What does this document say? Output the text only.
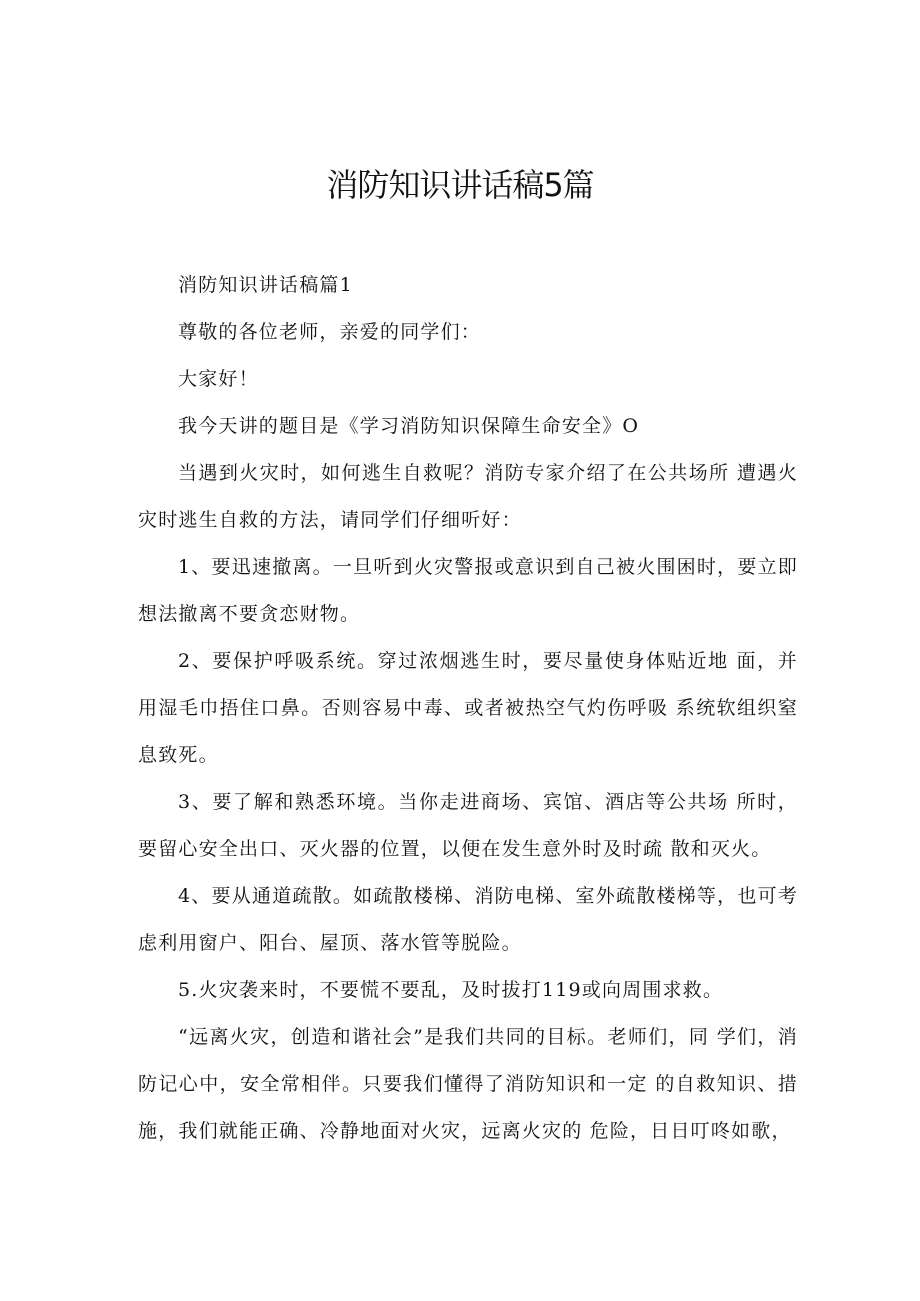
消防知识讲话稿5篇

消防知识讲话稿篇1

尊敬的各位老师，亲爱的同学们：

大家好！

我今天讲的题目是《学习消防知识保障生命安全》O

当遇到火灾时，如何逃生自救呢？消防专家介绍了在公共场所 遭遇火灾时逃生自救的方法，请同学们仔细听好：

1、要迅速撤离。一旦听到火灾警报或意识到自己被火围困时，要立即想法撤离不要贪恋财物。

2、要保护呼吸系统。穿过浓烟逃生时，要尽量使身体贴近地 面，并用湿毛巾捂住口鼻。否则容易中毒、或者被热空气灼伤呼吸 系统软组织窒息致死。

3、要了解和熟悉环境。当你走进商场、宾馆、酒店等公共场 所时，要留心安全出口、灭火器的位置，以便在发生意外时及时疏 散和灭火。

4、要从通道疏散。如疏散楼梯、消防电梯、室外疏散楼梯等，也可考虑利用窗户、阳台、屋顶、落水管等脱险。

5.火灾袭来时，不要慌不要乱，及时拔打119或向周围求救。

“远离火灾，创造和谐社会”是我们共同的目标。老师们，同 学们，消防记心中，安全常相伴。只要我们懂得了消防知识和一定 的自救知识、措施，我们就能正确、冷静地面对火灾，远离火灾的 危险，日日叮咚如歌，
